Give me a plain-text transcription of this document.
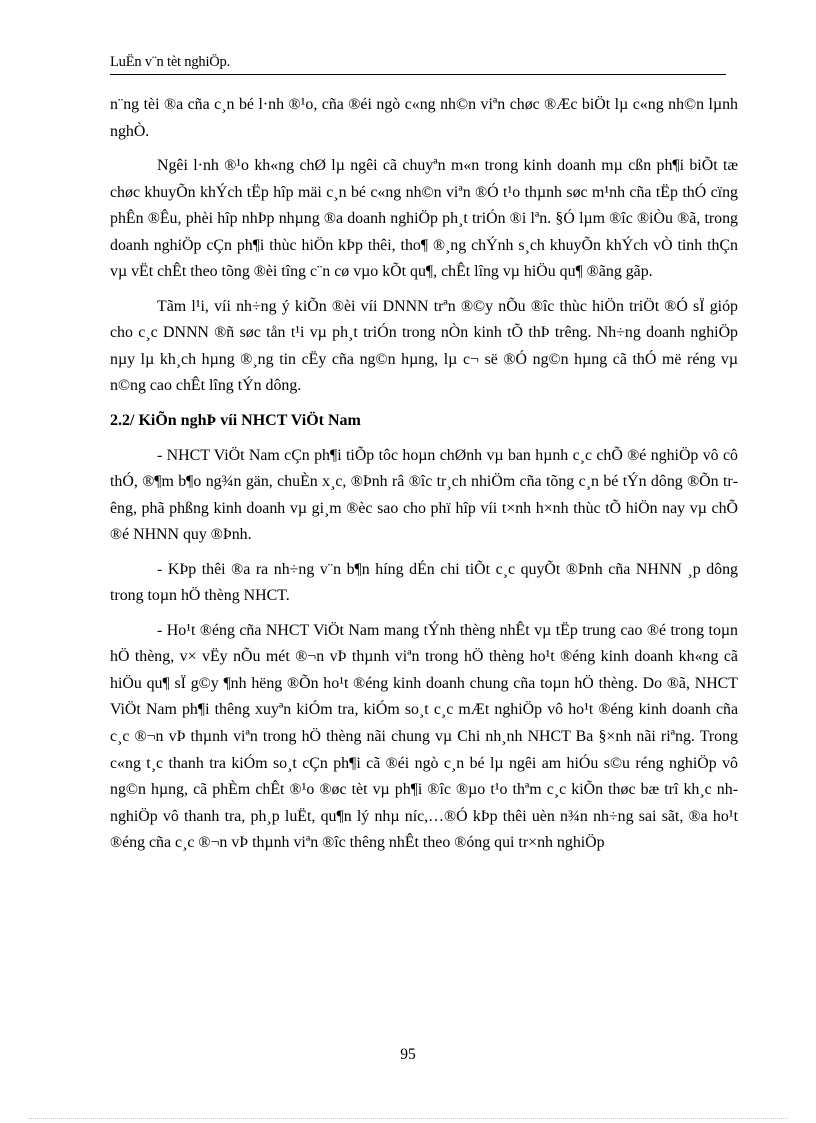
LuËn v¨n tèt nghiÖp.

n¨ng tèi ®a cña c¸n bé l·nh ®¹o, cña ®éi ngò c«ng nh©n viªn chøc ®Æc biÖt lµ c«ng nh©n lµnh nghÒ.

Ngêi l·nh ®¹o kh«ng chØ lµ ngêi cã chuyªn m«n trong kinh doanh mµ cßn ph¶i biÕt tæ chøc khuyÕn khÝch tËp hîp mäi c¸n bé c«ng nh©n viªn ®Ó t¹o thµnh søc m¹nh cña tËp thÓ cïng phÊn ®Êu, phèi hîp nhÞp nhµng ®a doanh nghiÖp ph¸t triÓn ®i lªn. §Ó lµm ®îc ®iÒu ®ã, trong doanh nghiÖp cÇn ph¶i thùc hiÖn kÞp thêi, tho¶ ®¸ng chÝnh s¸ch khuyÕn khÝch vÒ tinh thÇn vµ vËt chÊt theo tõng ®èi tîng c¨n cø vµo kÕt qu¶, chÊt lîng vµ hiÖu qu¶ ®ãng gãp.

Tãm l¹i, víi nh÷ng ý kiÕn ®èi víi DNNN trªn ®©y nÕu ®îc thùc hiÖn triÖt ®Ó sÏ gióp cho c¸c DNNN ®ñ søc tån t¹i vµ ph¸t triÓn trong nÒn kinh tÕ thÞ trêng. Nh÷ng doanh nghiÖp nµy lµ kh¸ch hµng ®¸ng tin cËy cña ng©n hµng, lµ c¬ së ®Ó ng©n hµng cã thÓ më réng vµ n©ng cao chÊt lîng tÝn dông.

2.2/ KiÕn nghÞ víi NHCT ViÖt Nam

- NHCT ViÖt Nam cÇn ph¶i tiÕp tôc hoµn chØnh vµ ban hµnh c¸c chÕ ®é nghiÖp vô cô thÓ, ®¶m b¶o ng¾n gän, chuÈn x¸c, ®Þnh râ ®îc tr¸ch nhiÖm cña tõng c¸n bé tÝn dông ®Õn trêng, phã phßng kinh doanh vµ gi¸m ®èc sao cho phï hîp víi t×nh h×nh thùc tÕ hiÖn nay vµ chÕ ®é NHNN quy ®Þnh.

- KÞp thêi ®a ra nh÷ng v¨n b¶n híng dÉn chi tiÕt c¸c quyÕt ®Þnh cña NHNN ¸p dông trong toµn hÖ thèng NHCT.

- Ho¹t ®éng cña NHCT ViÖt Nam mang tÝnh thèng nhÊt vµ tËp trung cao ®é trong toµn hÖ thèng, v× vËy nÕu mét ®¬n vÞ thµnh viªn trong hÖ thèng ho¹t ®éng kinh doanh kh«ng cã hiÖu qu¶ sÏ g©y ¶nh hëng ®Õn ho¹t ®éng kinh doanh chung cña toµn hÖ thèng. Do ®ã, NHCT ViÖt Nam ph¶i thêng xuyªn kiÓm tra, kiÓm so¸t c¸c mÆt nghiÖp vô ho¹t ®éng kinh doanh cña c¸c ®¬n vÞ thµnh viªn trong hÖ thèng nãi chung vµ Chi nh¸nh NHCT Ba §×nh nãi riªng. Trong c«ng t¸c thanh tra kiÓm so¸t cÇn ph¶i cã ®éi ngò c¸n bé lµ ngêi am hiÓu s©u réng nghiÖp vô ng©n hµng, cã phÈm chÊt ®¹o ®øc tèt vµ ph¶i ®îc ®µo t¹o thªm c¸c kiÕn thøc bæ trî kh¸c nh nghiÖp vô thanh tra, ph¸p luËt, qu¶n lý nhµ níc,…®Ó kÞp thêi uèn n¾n nh÷ng sai sãt, ®a ho¹t ®éng cña c¸c ®¬n vÞ thµnh viªn ®îc thêng nhÊt theo ®óng qui tr×nh nghiÖp

95
